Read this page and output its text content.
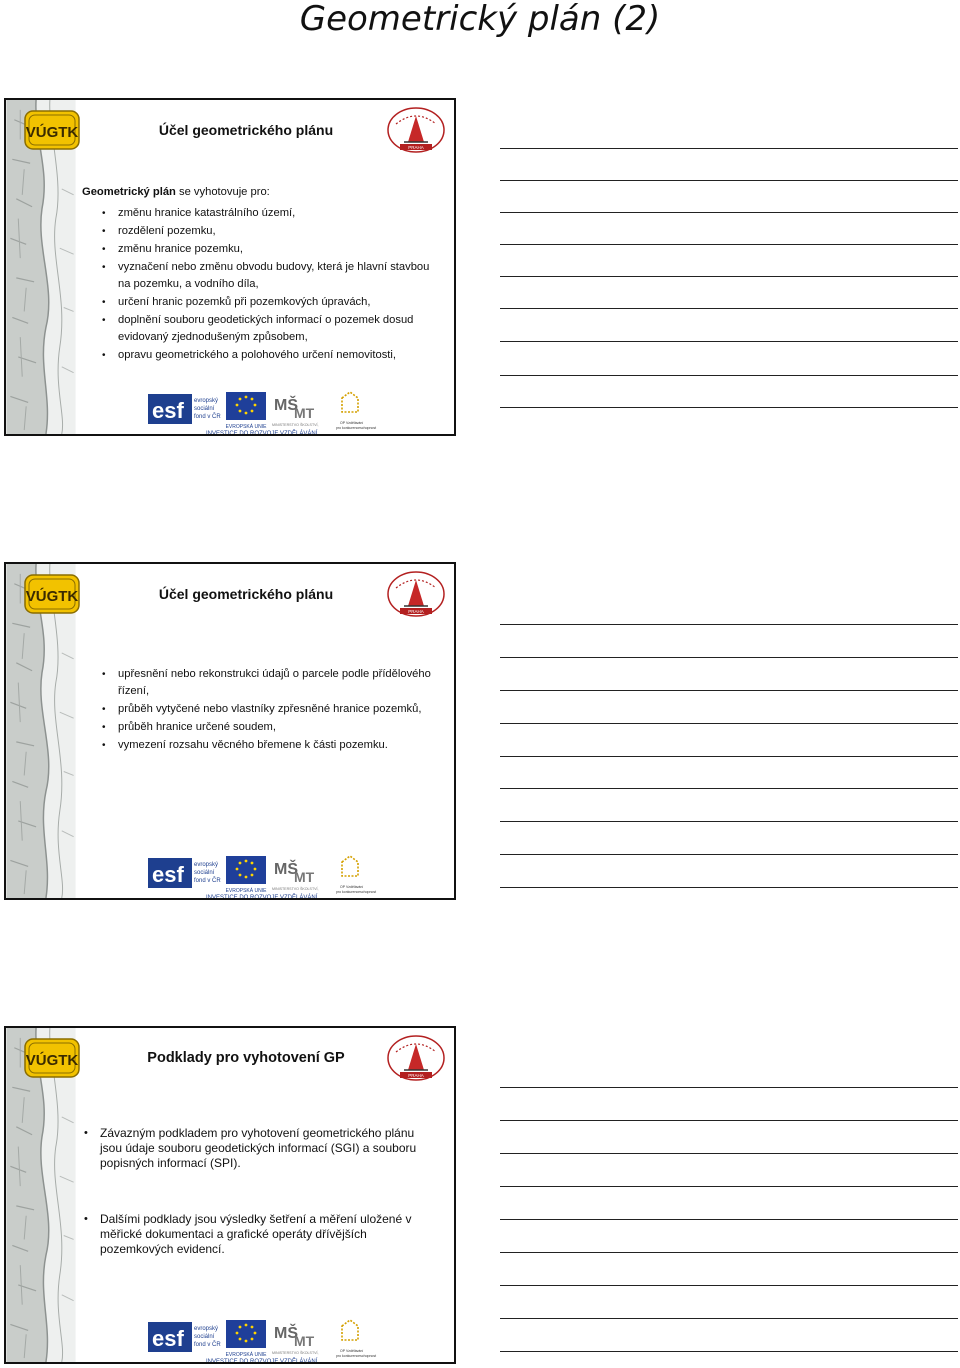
Geometrický plán (2)
Účel geometrického plánu

Geometrický plán se vyhotovuje pro:

• změnu hranice katastrálního území,
• rozdělení pozemku,
• změnu hranice pozemku,
• vyznačení nebo změnu obvodu budovy, která je hlavní stavbou na pozemku, a vodního díla,
• určení hranic pozemků při pozemkových úpravách,
• doplnění souboru geodetických informací o pozemek dosud evidovaný zjednodušeným způsobem,
• opravu geometrického a polohového určení nemovitosti,
Účel geometrického plánu
• upřesnění nebo rekonstrukci údajů o parcele podle přídělového řízení,
• průběh vytyčené nebo vlastníky zpřesněné hranice pozemků,
• průběh hranice určené soudem,
• vymezení rozsahu věcného břemene k části pozemku.
Podklady pro vyhotovení GP
• Závazným podkladem pro vyhotovení geometrického plánu jsou údaje souboru geodetických informací (SGI) a souboru popisných informací (SPI).
• Dalšími podklady jsou výsledky šetření a měření uložené v měřické dokumentaci a grafické operáty dřívějších pozemkových evidencí.
